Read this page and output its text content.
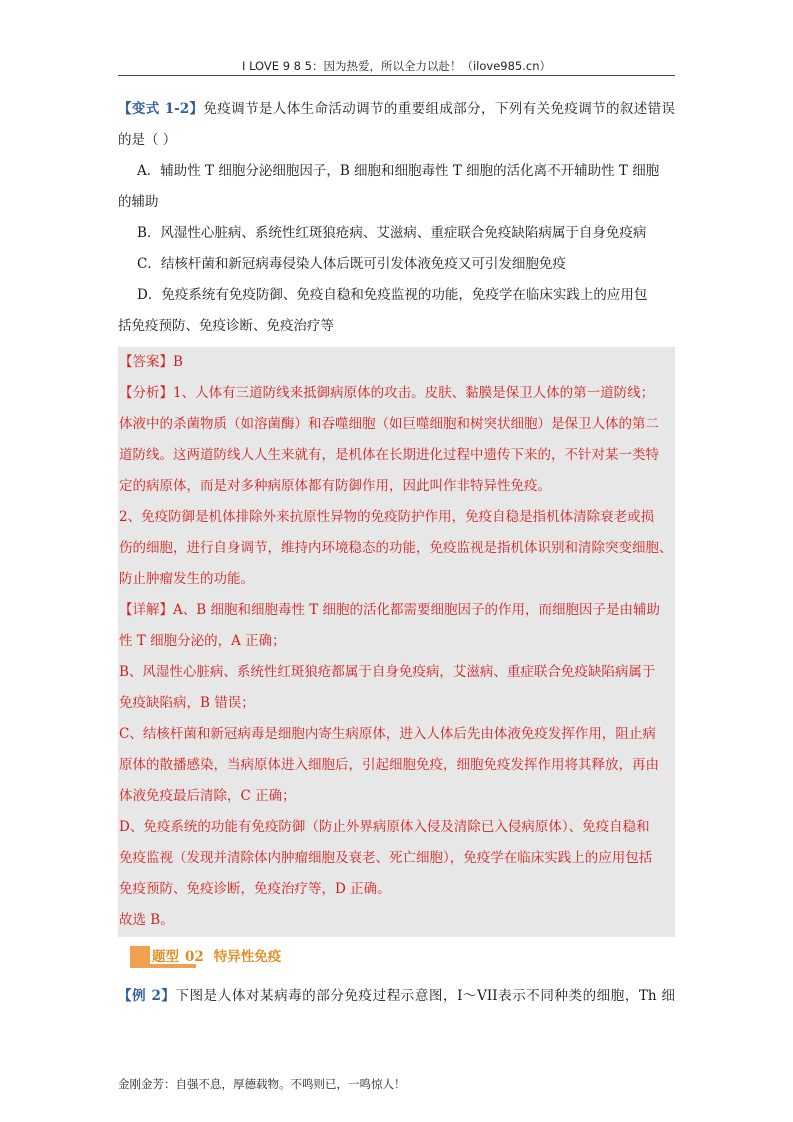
I LOVE 9 8 5：因为热爱，所以全力以赴！（ilove985.cn）
【变式 1-2】免疫调节是人体生命活动调节的重要组成部分，下列有关免疫调节的叙述错误
的是（ ）
A．辅助性 T 细胞分泌细胞因子，B 细胞和细胞毒性 T 细胞的活化离不开辅助性 T 细胞
的辅助
B．风湿性心脏病、系统性红斑狼疮病、艾滋病、重症联合免疫缺陷病属于自身免疫病
C．结核杆菌和新冠病毒侵染人体后既可引发体液免疫又可引发细胞免疫
D．免疫系统有免疫防御、免疫自稳和免疫监视的功能，免疫学在临床实践上的应用包
括免疫预防、免疫诊断、免疫治疗等
【答案】B
【分析】1、人体有三道防线来抵御病原体的攻击。皮肤、黏膜是保卫人体的第一道防线；
体液中的杀菌物质（如溶菌酶）和吞噬细胞（如巨噬细胞和树突状细胞）是保卫人体的第二
道防线。这两道防线人人生来就有，是机体在长期进化过程中遗传下来的，不针对某一类特
定的病原体，而是对多种病原体都有防御作用，因此叫作非特异性免疫。
2、免疫防御是机体排除外来抗原性异物的免疫防护作用，免疫自稳是指机体清除衰老或损
伤的细胞，进行自身调节，维持内环境稳态的功能，免疫监视是指机体识别和清除突变细胞、
防止肿瘤发生的功能。
【详解】A、B 细胞和细胞毒性 T 细胞的活化都需要细胞因子的作用，而细胞因子是由辅助
性 T 细胞分泌的，A 正确；
B、风湿性心脏病、系统性红斑狼疮都属于自身免疫病，艾滋病、重症联合免疫缺陷病属于
免疫缺陷病，B 错误；
C、结核杆菌和新冠病毒是细胞内寄生病原体，进入人体后先由体液免疫发挥作用，阻止病
原体的散播感染，当病原体进入细胞后，引起细胞免疫，细胞免疫发挥作用将其释放，再由
体液免疫最后清除，C 正确；
D、免疫系统的功能有免疫防御（防止外界病原体入侵及清除已入侵病原体）、免疫自稳和
免疫监视（发现并清除体内肿瘤细胞及衰老、死亡细胞），免疫学在临床实践上的应用包括
免疫预防、免疫诊断，免疫治疗等，D 正确。
故选 B。
题型 02 特异性免疫
【例 2】下图是人体对某病毒的部分免疫过程示意图，I～VII表示不同种类的细胞，Th 细
金刚金芳：自强不息，厚德载物。不鸣则已，一鸣惊人！
